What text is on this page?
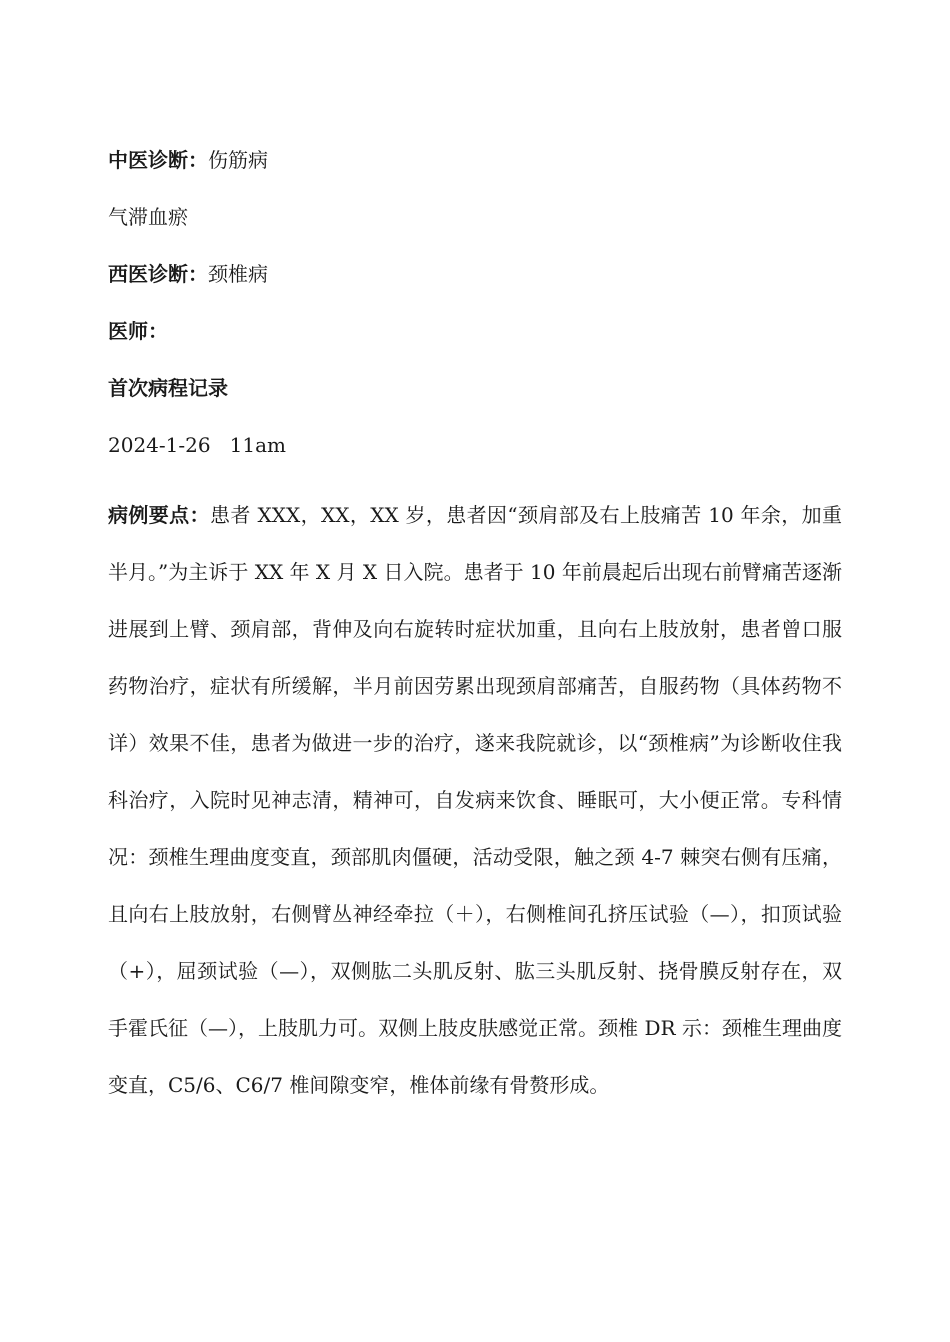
中医诊断：伤筋病
气滞血瘀
西医诊断：颈椎病
医师：
首次病程记录
2024-1-26   11am
病例要点：患者 XXX，XX，XX 岁，患者因“颈肩部及右上肢痛苦 10 年余，加重半月。”为主诉于 XX 年 X 月 X 日入院。患者于 10 年前晨起后出现右前臂痛苦逐渐进展到上臂、颈肩部，背伸及向右旋转时症状加重，且向右上肢放射，患者曾口服药物治疗，症状有所缓解，半月前因劳累出现颈肩部痛苦，自服药物（具体药物不详）效果不佳，患者为做进一步的治疗，遂来我院就诊，以“颈椎病”为诊断收住我科治疗，入院时见神志清，精神可，自发病来饮食、睡眠可，大小便正常。专科情况：颈椎生理曲度变直，颈部肌肉僵硬，活动受限，触之颈 4-7 棘突右侧有压痛，且向右上肢放射，右侧臂丛神经牵拉（＋），右侧椎间孔挤压试验（—），扣顶试验（+），屈颈试验（—），双侧肱二头肌反射、肱三头肌反射、挠骨膜反射存在，双手霍氏征（—），上肢肌力可。双侧上肢皮肤感觉正常。颈椎 DR 示：颈椎生理曲度变直，C5/6、C6/7 椎间隙变窄，椎体前缘有骨赘形成。
